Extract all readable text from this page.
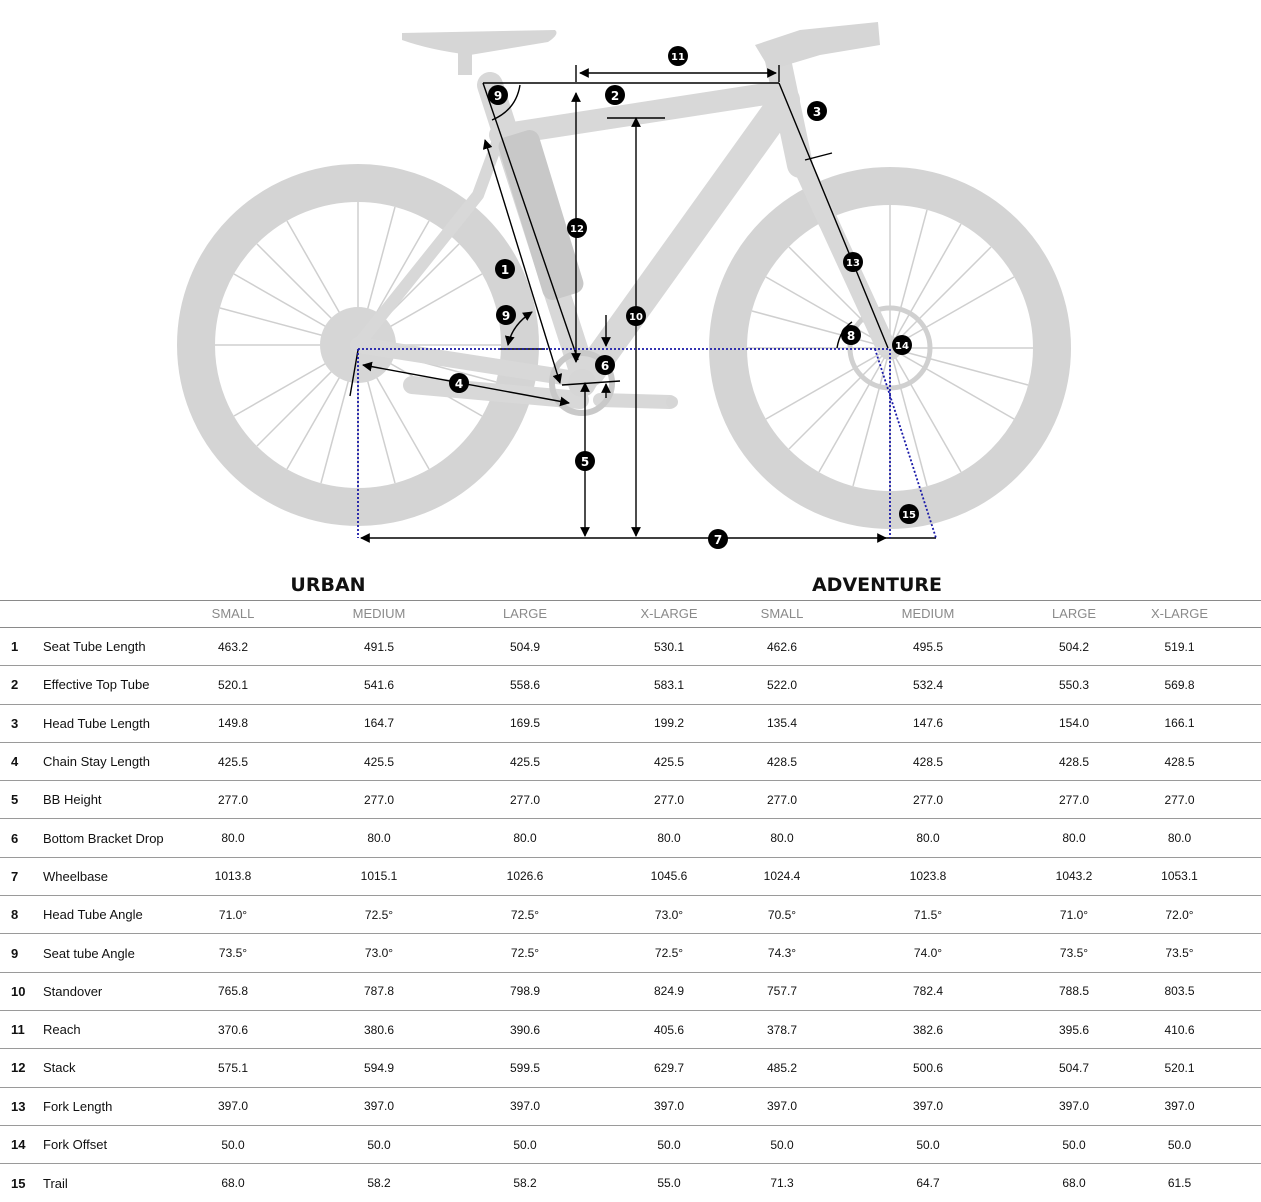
1
2
3
4
5
6
7
8
9
9	10
11
12
13
14
15
URBAN	ADVENTURE
		SMALL	MEDIUM	LARGE	X-LARGE	SMALL	MEDIUM	LARGE	X-LARGE
1	Seat Tube Length	463.2	491.5	504.9	530.1	462.6	495.5	504.2	519.1
2	Effective Top Tube	520.1	541.6	558.6	583.1	522.0	532.4	550.3	569.8
3	Head Tube Length	149.8	164.7	169.5	199.2	135.4	147.6	154.0	166.1
4	Chain Stay Length	425.5	425.5	425.5	425.5	428.5	428.5	428.5	428.5
5	BB Height	277.0	277.0	277.0	277.0	277.0	277.0	277.0	277.0
6	Bottom Bracket Drop	80.0	80.0	80.0	80.0	80.0	80.0	80.0	80.0
7	Wheelbase	1013.8	1015.1	1026.6	1045.6	1024.4	1023.8	1043.2	1053.1
8	Head Tube Angle	71.0°	72.5°	72.5°	73.0°	70.5°	71.5°	71.0°	72.0°
9	Seat tube Angle	73.5°	73.0°	72.5°	72.5°	74.3°	74.0°	73.5°	73.5°
10	Standover	765.8	787.8	798.9	824.9	757.7	782.4	788.5	803.5
11	Reach	370.6	380.6	390.6	405.6	378.7	382.6	395.6	410.6
12	Stack	575.1	594.9	599.5	629.7	485.2	500.6	504.7	520.1
13	Fork Length	397.0	397.0	397.0	397.0	397.0	397.0	397.0	397.0
14	Fork Offset	50.0	50.0	50.0	50.0	50.0	50.0	50.0	50.0
15	Trail	68.0	58.2	58.2	55.0	71.3	64.7	68.0	61.5
